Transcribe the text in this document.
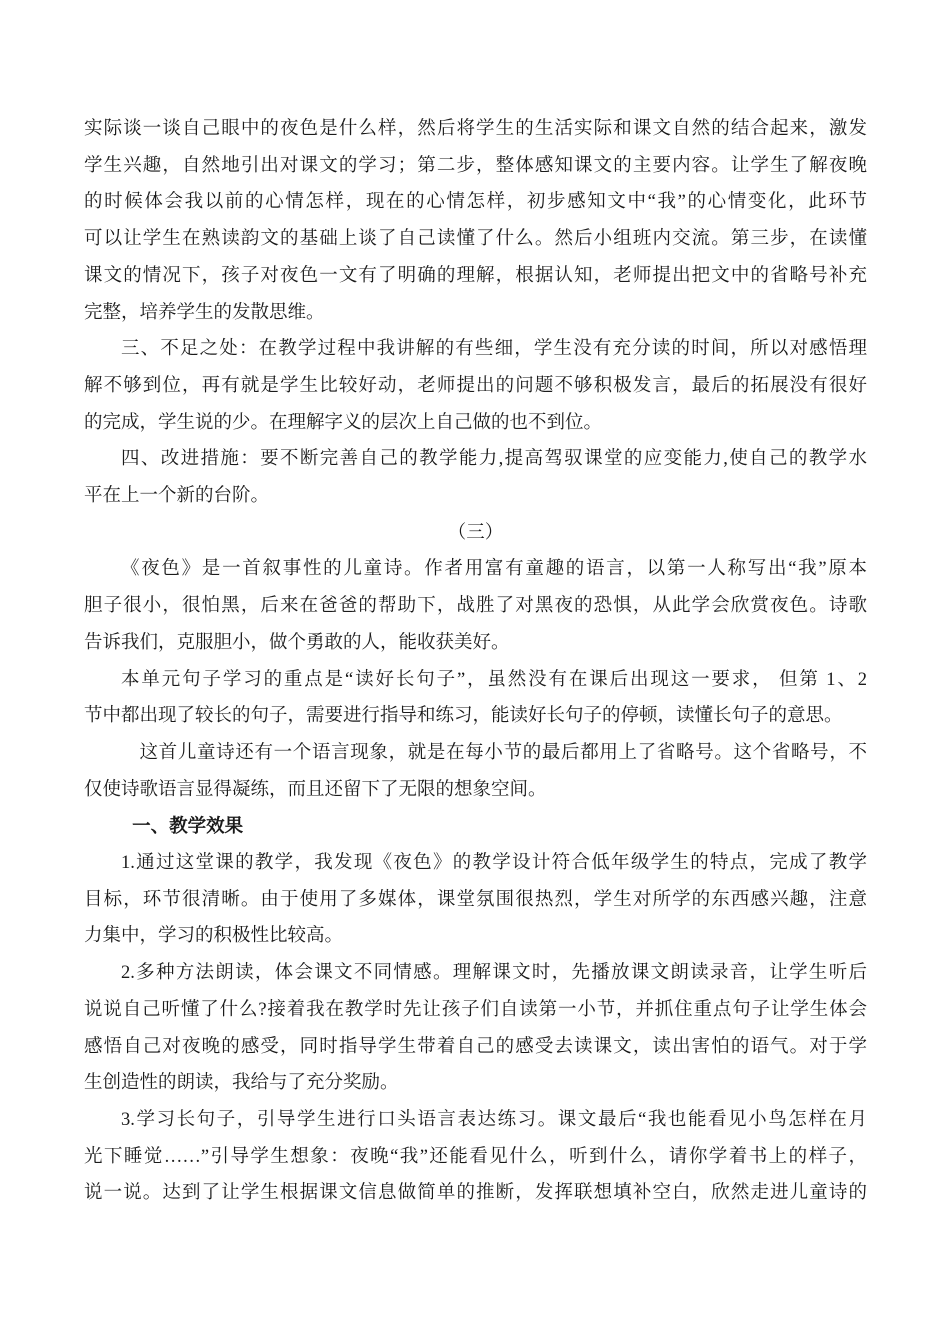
实际谈一谈自己眼中的夜色是什么样，然后将学生的生活实际和课文自然的结合起来，激发
学生兴趣，自然地引出对课文的学习；第二步，整体感知课文的主要内容。让学生了解夜晚
的时候体会我以前的心情怎样，现在的心情怎样，初步感知文中“我”的心情变化，此环节
可以让学生在熟读韵文的基础上谈了自己读懂了什么。然后小组班内交流。第三步，在读懂
课文的情况下，孩子对夜色一文有了明确的理解，根据认知，老师提出把文中的省略号补充
完整，培养学生的发散思维。
三、不足之处：在教学过程中我讲解的有些细，学生没有充分读的时间，所以对感悟理
解不够到位，再有就是学生比较好动，老师提出的问题不够积极发言，最后的拓展没有很好
的完成，学生说的少。在理解字义的层次上自己做的也不到位。
四、改进措施：要不断完善自己的教学能力,提高驾驭课堂的应变能力,使自己的教学水
平在上一个新的台阶。
（三）
《夜色》是一首叙事性的儿童诗。作者用富有童趣的语言，以第一人称写出“我”原本
胆子很小，很怕黑，后来在爸爸的帮助下，战胜了对黑夜的恐惧，从此学会欣赏夜色。诗歌
告诉我们，克服胆小，做个勇敢的人，能收获美好。
本单元句子学习的重点是“读好长句子”，虽然没有在课后出现这一要求， 但第 1、2
节中都出现了较长的句子，需要进行指导和练习，能读好长句子的停顿，读懂长句子的意思。
这首儿童诗还有一个语言现象，就是在每小节的最后都用上了省略号。这个省略号，不
仅使诗歌语言显得凝练，而且还留下了无限的想象空间。
一、教学效果
1.通过这堂课的教学，我发现《夜色》的教学设计符合低年级学生的特点，完成了教学
目标，环节很清晰。由于使用了多媒体，课堂氛围很热烈，学生对所学的东西感兴趣，注意
力集中，学习的积极性比较高。
2.多种方法朗读，体会课文不同情感。理解课文时，先播放课文朗读录音，让学生听后
说说自己听懂了什么?接着我在教学时先让孩子们自读第一小节，并抓住重点句子让学生体会
感悟自己对夜晚的感受，同时指导学生带着自己的感受去读课文，读出害怕的语气。对于学
生创造性的朗读，我给与了充分奖励。
3.学习长句子，引导学生进行口头语言表达练习。课文最后“我也能看见小鸟怎样在月
光下睡觉……”引导学生想象：夜晚“我”还能看见什么，听到什么，请你学着书上的样子，
说一说。达到了让学生根据课文信息做简单的推断，发挥联想填补空白，欣然走进儿童诗的
